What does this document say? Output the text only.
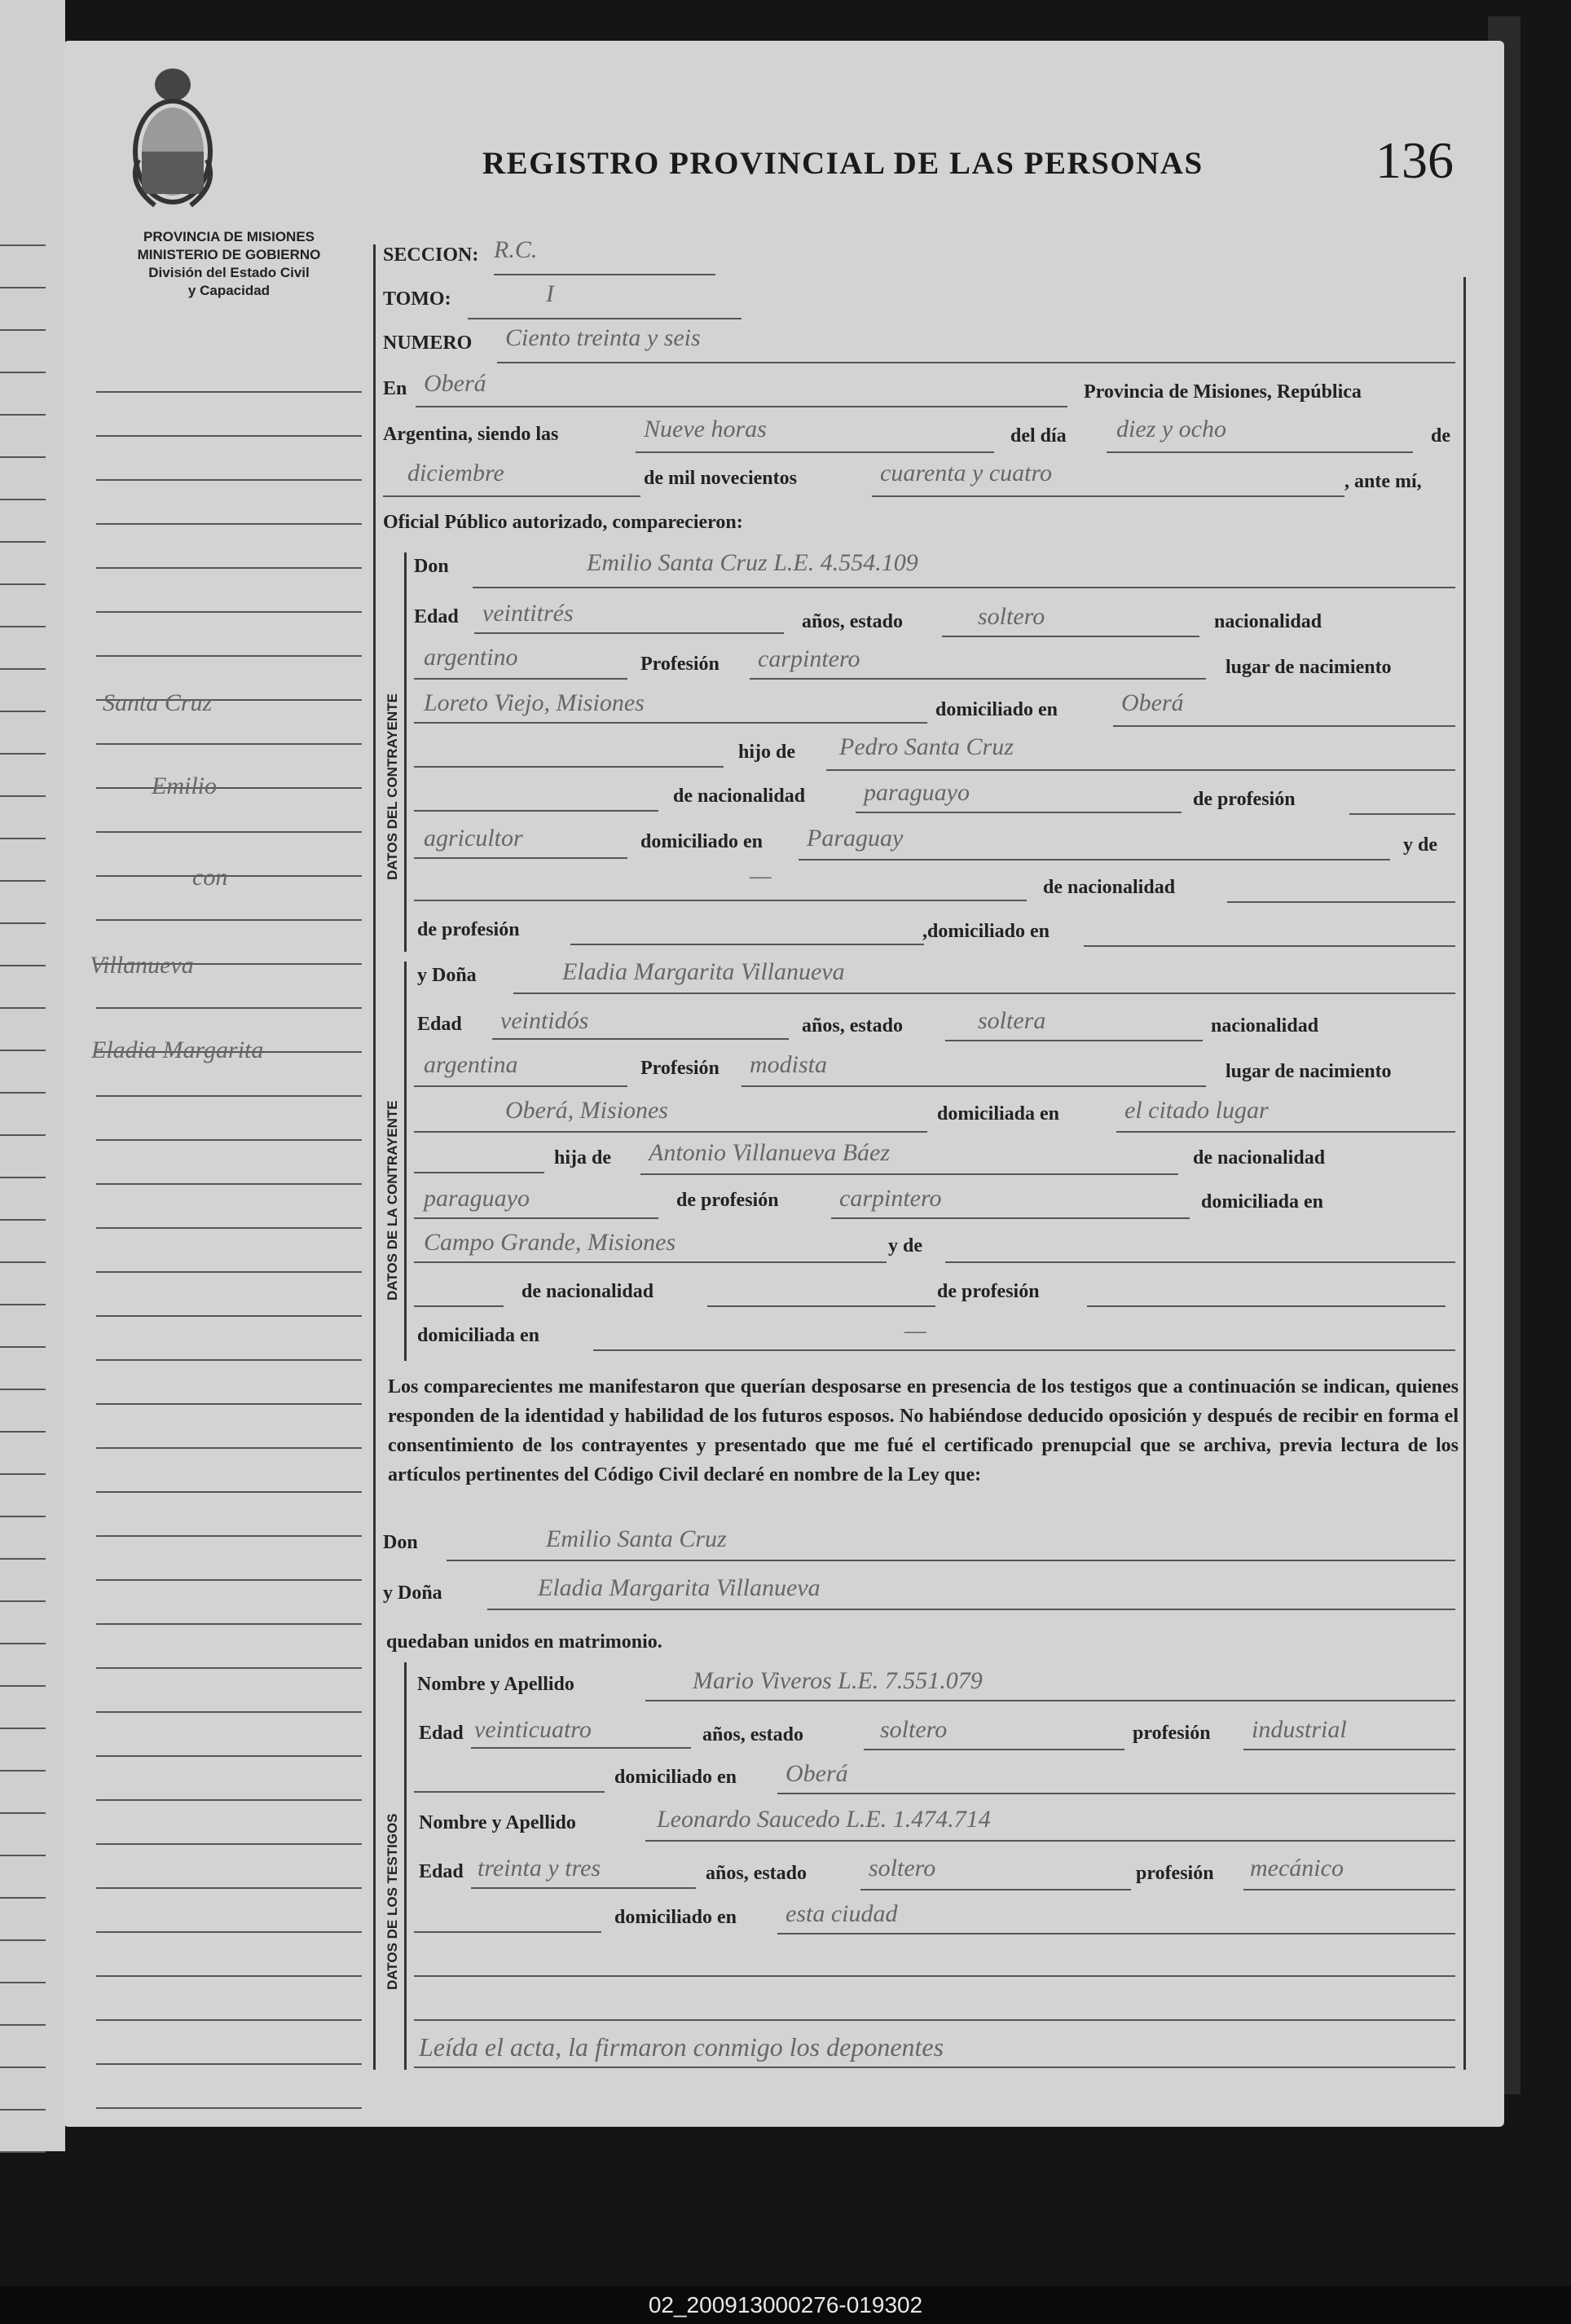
PROVINCIA DE MISIONES
MINISTERIO DE GOBIERNO
División del Estado Civil
y Capacidad
REGISTRO PROVINCIAL DE LAS PERSONAS	136
Santa Cruz
Emilio
con
Villanueva
Eladia Margarita
SECCION: R.C.
TOMO:	I
NUMERO Ciento treinta y seis
En Oberá	Provincia de Misiones, República
Argentina, siendo las	Nueve horas	del día diez y ocho	de
diciembre	de mil novecientos	cuarenta y cuatro	, ante mí,
Oficial Público autorizado, comparecieron:
DATOS DEL CONTRAYENTE
Don	Emilio Santa Cruz L.E. 4.554.109
Edad veintitrés	años, estado	soltero	nacionalidad
argentino	Profesión carpintero	lugar de nacimiento
Loreto Viejo, Misiones	domiciliado en	Oberá
hijo de Pedro Santa Cruz
de nacionalidad paraguayo	de profesión
agricultor	domiciliado en Paraguay	y de
—	de nacionalidad
de profesión	,domiciliado en
DATOS DE LA CONTRAYENTE
y Doña	Eladia Margarita Villanueva
Edad veintidós	años, estado	soltera	nacionalidad
argentina	Profesión modista	lugar de nacimiento
Oberá, Misiones	domiciliada en	el citado lugar
hija de Antonio Villanueva Báez	de nacionalidad
paraguayo	de profesión carpintero	domiciliada en
Campo Grande, Misiones	y de
de nacionalidad	de profesión
domiciliada en	—
Los comparecientes me manifestaron que querían desposarse en presencia de los testigos que a continuación se indican, quienes responden de la identidad y habilidad de los futuros esposos. No habiéndose deducido oposición y después de recibir en forma el consentimiento de los contrayentes y presentado que me fué el certificado prenupcial que se archiva, previa lectura de los artículos pertinentes del Código Civil declaré en nombre de la Ley que:
Don	Emilio Santa Cruz
y Doña	Eladia Margarita Villanueva
quedaban unidos en matrimonio.
DATOS DE LOS TESTIGOS
Nombre y Apellido	Mario Viveros L.E. 7.551.079
Edad veinticuatro	años, estado	soltero	profesión industrial
domiciliado en Oberá
Nombre y Apellido	Leonardo Saucedo L.E. 1.474.714
Edad treinta y tres	años, estado	soltero	profesión mecánico
domiciliado en esta ciudad
Leída el acta, la firmaron conmigo los deponentes
02_200913000276-019302
